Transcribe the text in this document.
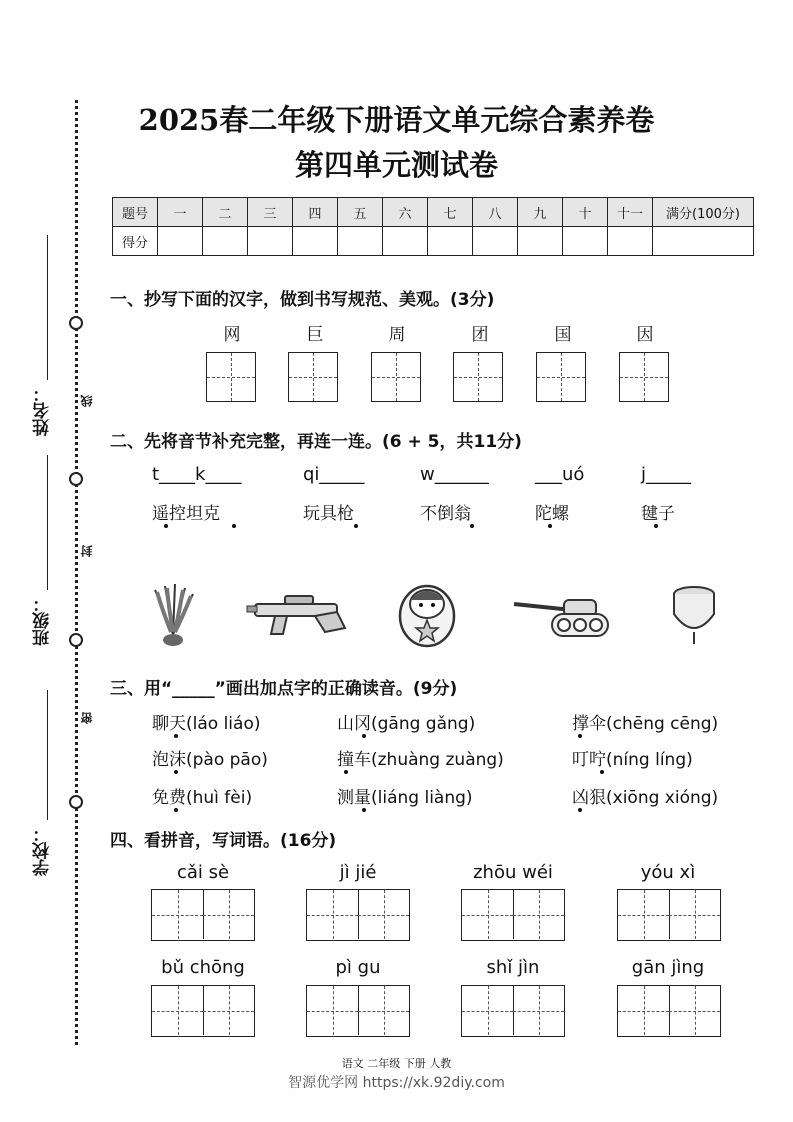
线
封
密
姓名：
班级：
学校：
2025春二年级下册语文单元综合素养卷
第四单元测试卷
题号	一	二	三	四	五	六	七	八	九	十	十一	满分(100分)
得分												
一、抄写下面的汉字，做到书写规范、美观。(3分)
网	巨	周	团	国	因
二、先将音节补充完整，再连一连。(6 + 5，共11分)
t____k____	qi_____	w______	___uó	j_____
遥控坦克	玩具枪	不倒翁	陀螺	毽子
三、用“_____”画出加点字的正确读音。(9分)
聊天(láo liáo)	山冈(gāng gǎng)	撑伞(chēng cēng)
泡沫(pào pāo)	撞车(zhuàng zuàng)	叮咛(níng líng)
免费(huì fèi)	测量(liáng liàng)	凶狠(xiōng xióng)
四、看拼音，写词语。(16分)
cǎi sè	jì jié	zhōu wéi	yóu xì
bǔ chōng	pì gu	shǐ jìn	gān jìng
语文 二年级 下册 人教
智源优学网 https://xk.92diy.com
